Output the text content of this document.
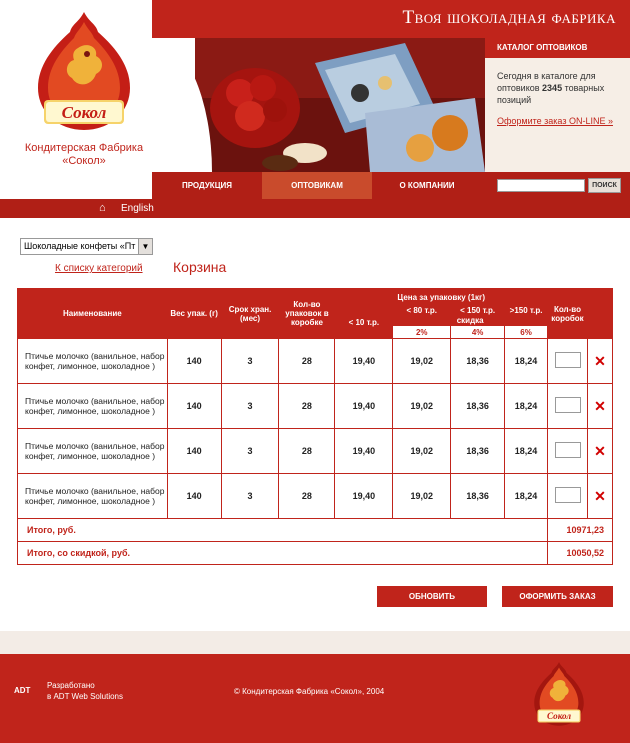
Твоя шоколадная фабрика
КАТАЛОГ ОПТОВИКОВ
Сегодня в каталоге для оптовиков 2345 товарных позиций
Оформите заказ ON-LINE »
ПРОДУКЦИЯ	ОПТОВИКАМ	О КОМПАНИИ	ПОИСК
⌂ English
Сокол
Кондитерская Фабрика
«Сокол»
Шоколадные конфеты «Пт ▼
К списку категорий Корзина
Наименование	Вес упак. (г)	Срок хран. (мес)	Кол-во упаковок в коробке	Цена за упаковку (1кг)				Кол-во коробок	
				< 10 т.р.	< 80 т.р.	< 150 т.р.	>150 т.р.		
					скидка				
					2%	4%	6%		
Птичье молочко (ванильное, набор конфет, лимонное, шоколадное )	140	3	28	19,40	19,02	18,36	18,24		✕
Птичье молочко (ванильное, набор конфет, лимонное, шоколадное )	140	3	28	19,40	19,02	18,36	18,24		✕
Птичье молочко (ванильное, набор конфет, лимонное, шоколадное )	140	3	28	19,40	19,02	18,36	18,24		✕
Птичье молочко (ванильное, набор конфет, лимонное, шоколадное )	140	3	28	19,40	19,02	18,36	18,24		✕
Итого, руб.								10971,23	
Итого, со скидкой, руб.								10050,52	
ОБНОВИТЬ	ОФОРМИТЬ ЗАКАЗ
ADT
Разработано
в ADT Web Solutions
© Кондитерская Фабрика «Сокол», 2004
Сокол
